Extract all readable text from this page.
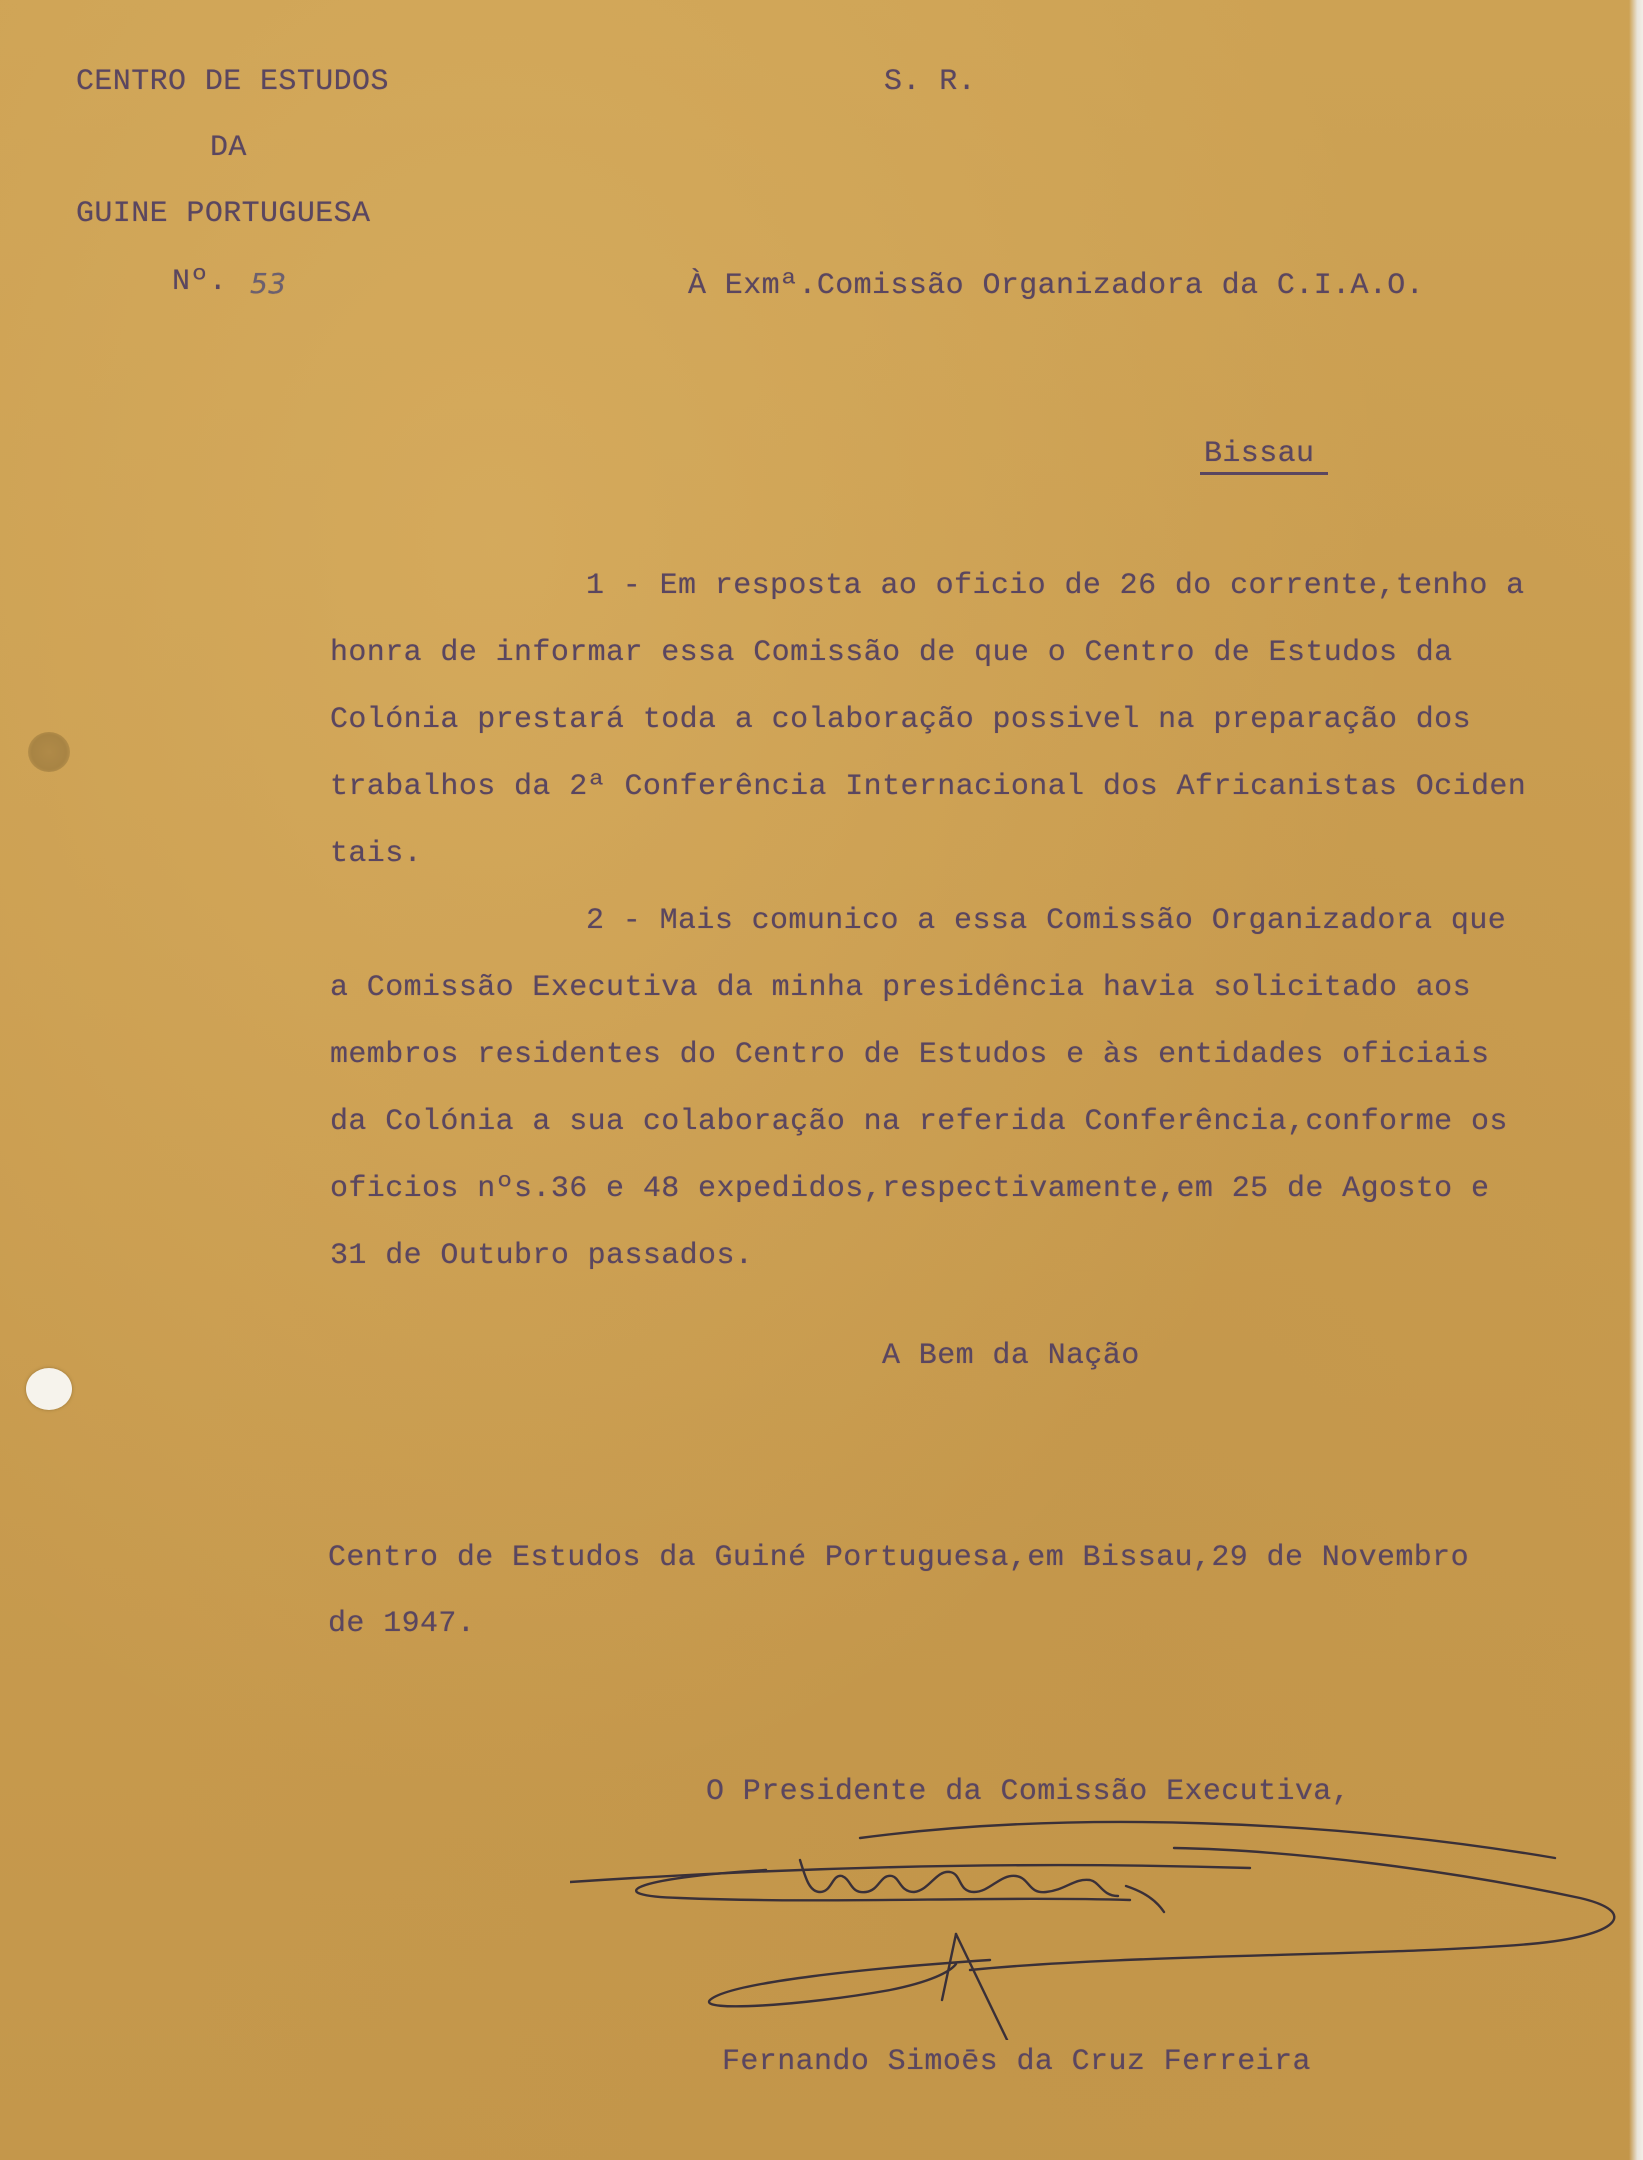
CENTRO DE ESTUDOS
DA
GUINE PORTUGUESA
Nº. 53
S. R.
À Exmª.Comissão Organizadora da C.I.A.O.
Bissau
1 - Em resposta ao oficio de 26 do corrente,tenho a
honra de informar essa Comissão de que o Centro de Estudos da
Colónia prestará toda a colaboração possivel na preparação dos
trabalhos da 2ª Conferência Internacional dos Africanistas Ociden
tais.
2 - Mais comunico a essa Comissão Organizadora que
a Comissão Executiva da minha presidência havia solicitado aos
membros residentes do Centro de Estudos e às entidades oficiais
da Colónia a sua colaboração na referida Conferência,conforme os
oficios nºs.36 e 48 expedidos,respectivamente,em 25 de Agosto e
31 de Outubro passados.
A Bem da Nação
Centro de Estudos da Guiné Portuguesa,em Bissau,29 de Novembro
de 1947.
O Presidente da Comissão Executiva,
Fernando Simoēs da Cruz Ferreira
